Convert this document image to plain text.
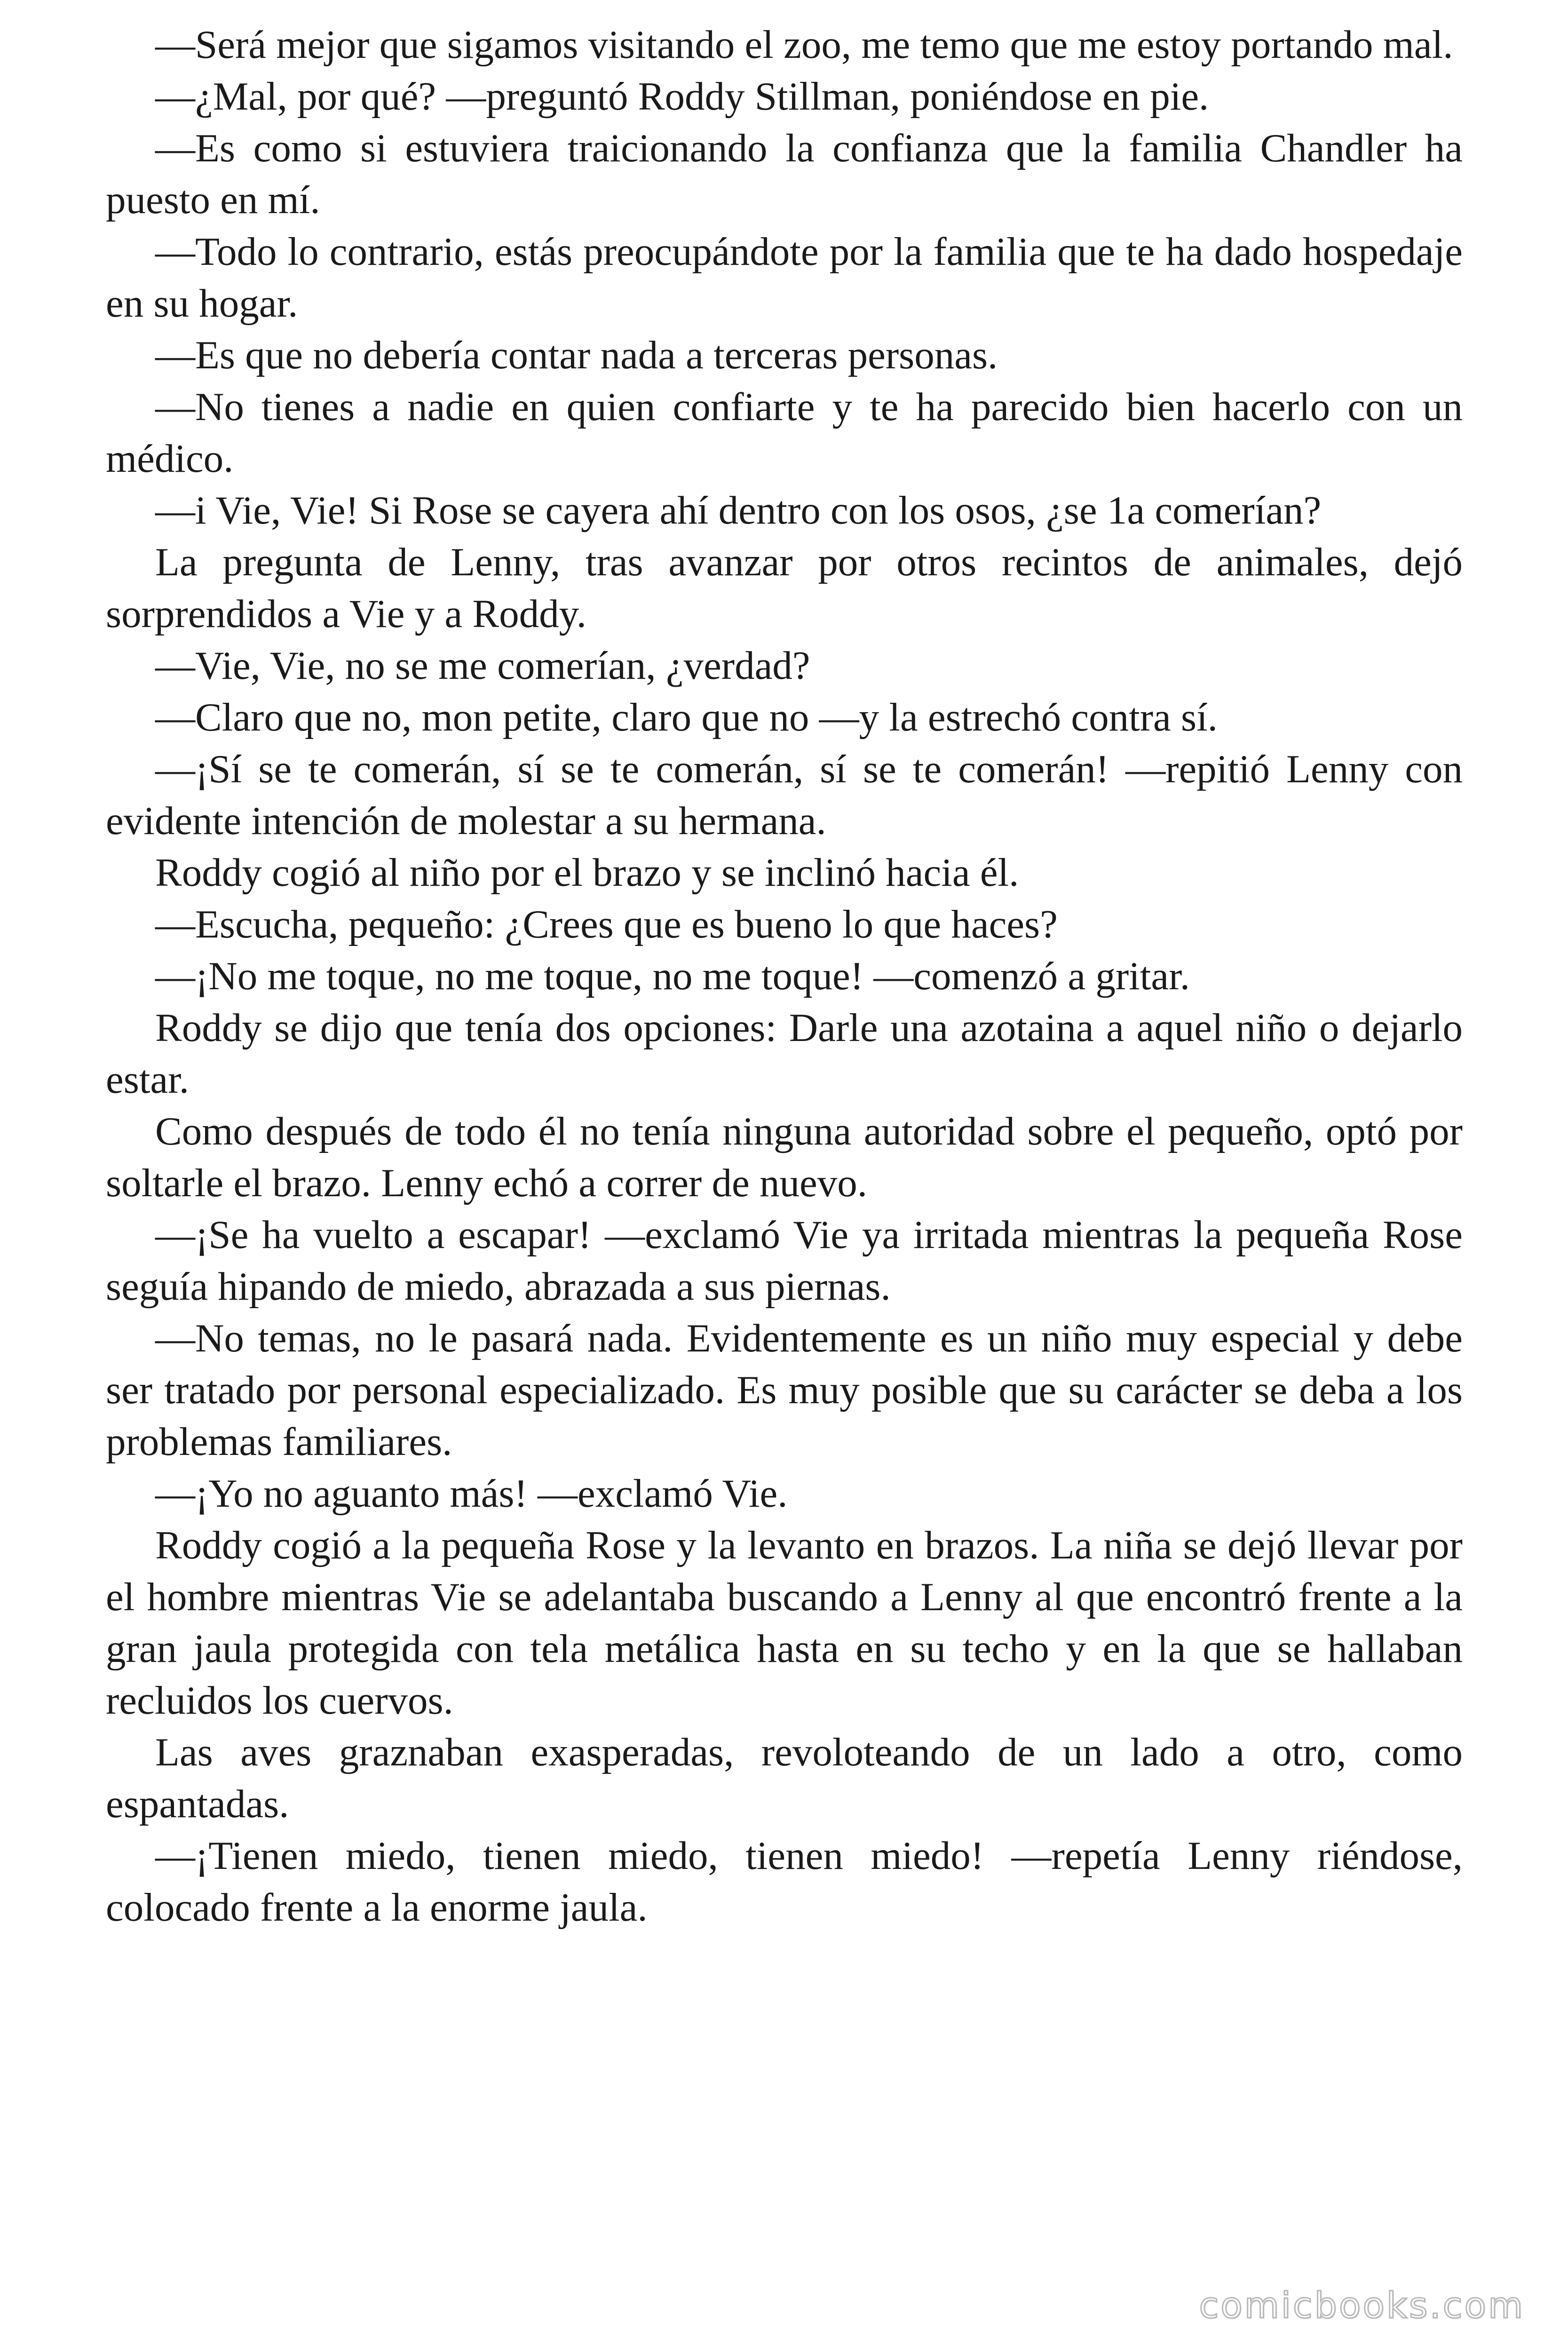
—Será mejor que sigamos visitando el zoo, me temo que me estoy portando mal.

—¿Mal, por qué? —preguntó Roddy Stillman, poniéndose en pie.

—Es como si estuviera traicionando la confianza que la familia Chandler ha puesto en mí.

—Todo lo contrario, estás preocupándote por la familia que te ha dado hospedaje en su hogar.

—Es que no debería contar nada a terceras personas.

—No tienes a nadie en quien confiarte y te ha parecido bien hacerlo con un médico.

—i Vie, Vie! Si Rose se cayera ahí dentro con los osos, ¿se 1a comerían?

La pregunta de Lenny, tras avanzar por otros recintos de animales, dejó sorprendidos a Vie y a Roddy.

—Vie, Vie, no se me comerían, ¿verdad?

—Claro que no, mon petite, claro que no —y la estrechó contra sí.

—¡Sí se te comerán, sí se te comerán, sí se te comerán! —repitió Lenny con evidente intención de molestar a su hermana.

Roddy cogió al niño por el brazo y se inclinó hacia él.

—Escucha, pequeño: ¿Crees que es bueno lo que haces?

—¡No me toque, no me toque, no me toque! —comenzó a gritar.

Roddy se dijo que tenía dos opciones: Darle una azotaina a aquel niño o dejarlo estar.

Como después de todo él no tenía ninguna autoridad sobre el pequeño, optó por soltarle el brazo. Lenny echó a correr de nuevo.

—¡Se ha vuelto a escapar! —exclamó Vie ya irritada mientras la pequeña Rose seguía hipando de miedo, abrazada a sus piernas.

—No temas, no le pasará nada. Evidentemente es un niño muy especial y debe ser tratado por personal especializado. Es muy posible que su carácter se deba a los problemas familiares.

—¡Yo no aguanto más! —exclamó Vie.

Roddy cogió a la pequeña Rose y la levanto en brazos. La niña se dejó llevar por el hombre mientras Vie se adelantaba buscando a Lenny al que encontró frente a la gran jaula protegida con tela metálica hasta en su techo y en la que se hallaban recluidos los cuervos.

Las aves graznaban exasperadas, revoloteando de un lado a otro, como espantadas.

—¡Tienen miedo, tienen miedo, tienen miedo! —repetía Lenny riéndose, colocado frente a la enorme jaula.

comicbooks.com
